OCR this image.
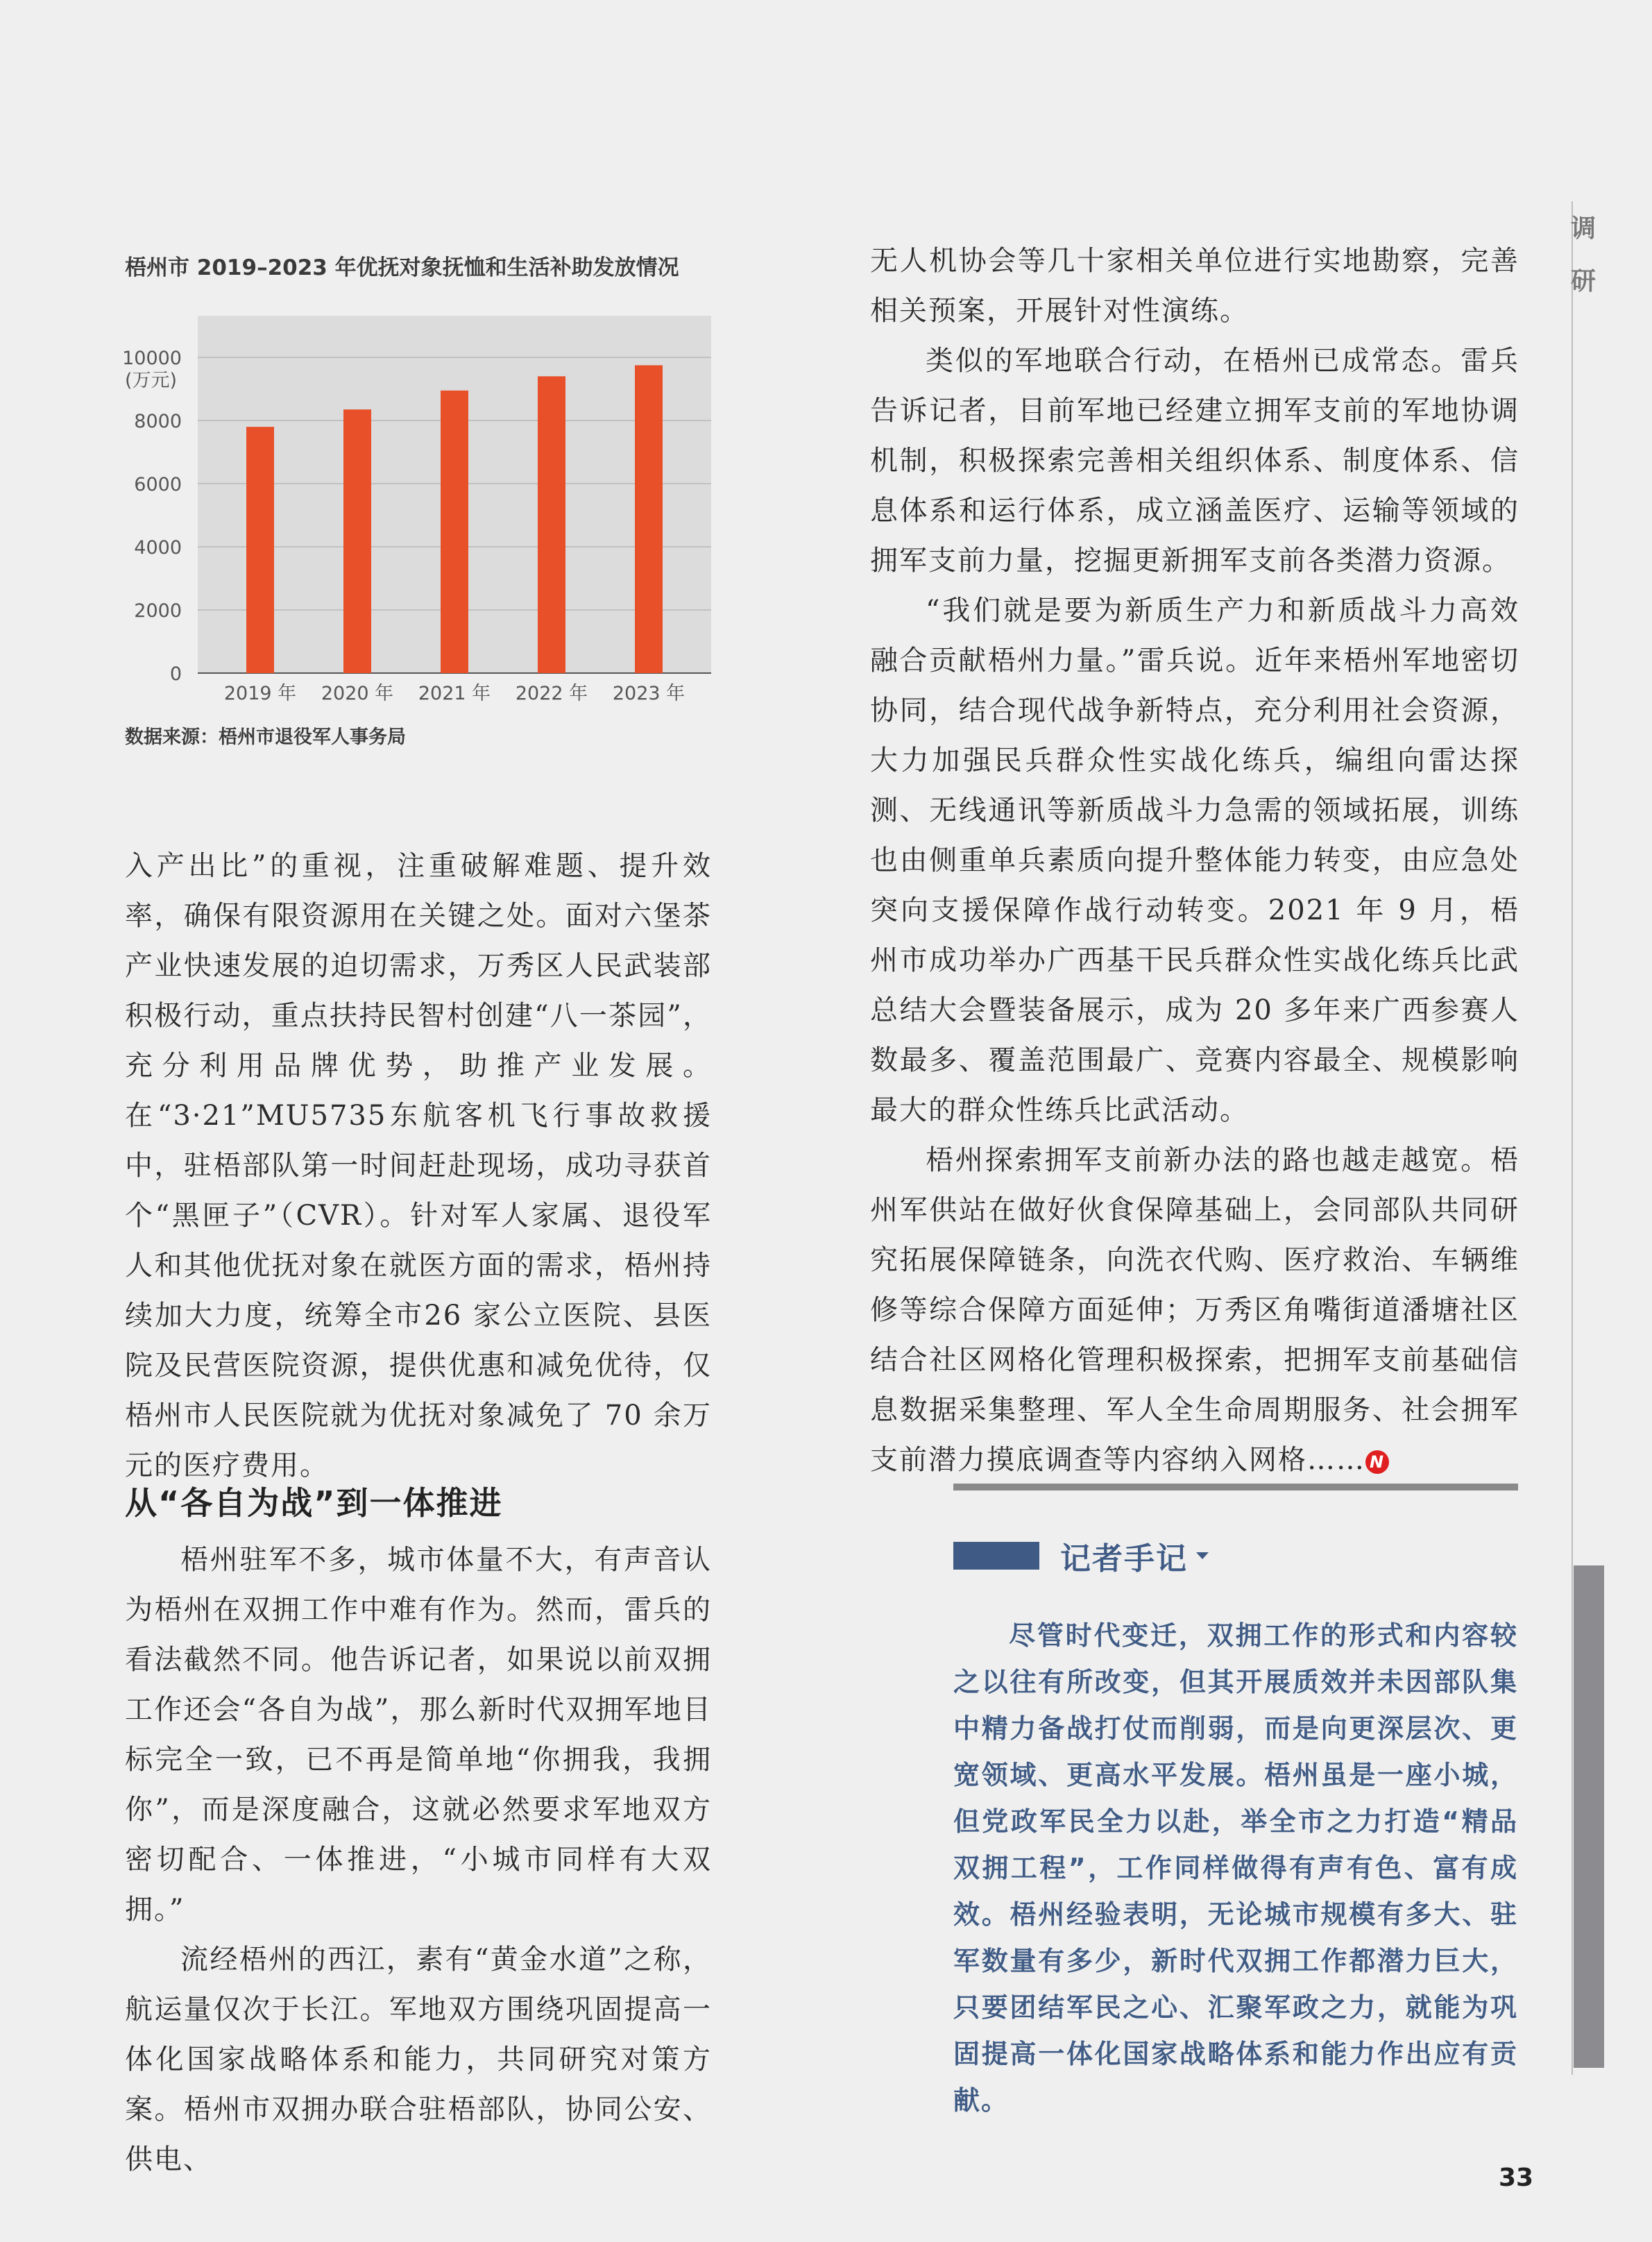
调
研

梧州市 2019–2023 年优抚对象抚恤和生活补助发放情况

0
2000
4000
6000
8000
10000
2019 年 2020 年 2021 年 2022 年 2023 年
(万元)

数据来源：梧州市退役军人事务局

入产出比”的重视，注重破解难题、提升效率，确保有限资源用在关键之处。面对六堡茶产业快速发展的迫切需求，万秀区人民武装部积极行动，重点扶持民智村创建“八一茶园”，充分利用品牌优势，助推产业发展。在“3·21”MU5735东航客机飞行事故救援中，驻梧部队第一时间赶赴现场，成功寻获首个“黑匣子”（CVR）。针对军人家属、退役军人和其他优抚对象在就医方面的需求，梧州持续加大力度，统筹全市26 家公立医院、县医院及民营医院资源，提供优惠和减免优待，仅梧州市人民医院就为优抚对象减免了 70 余万元的医疗费用。

从“各自为战”到一体推进

梧州驻军不多，城市体量不大，有声音认为梧州在双拥工作中难有作为。然而，雷兵的看法截然不同。他告诉记者，如果说以前双拥工作还会“各自为战”，那么新时代双拥军地目标完全一致，已不再是简单地“你拥我，我拥你”，而是深度融合，这就必然要求军地双方密切配合、一体推进，“小城市同样有大双拥。”

流经梧州的西江，素有“黄金水道”之称，航运量仅次于长江。军地双方围绕巩固提高一体化国家战略体系和能力，共同研究对策方案。梧州市双拥办联合驻梧部队，协同公安、供电、

无人机协会等几十家相关单位进行实地勘察，完善相关预案，开展针对性演练。

类似的军地联合行动，在梧州已成常态。雷兵告诉记者，目前军地已经建立拥军支前的军地协调机制，积极探索完善相关组织体系、制度体系、信息体系和运行体系，成立涵盖医疗、运输等领域的拥军支前力量，挖掘更新拥军支前各类潜力资源。

“我们就是要为新质生产力和新质战斗力高效融合贡献梧州力量。”雷兵说。近年来梧州军地密切协同，结合现代战争新特点，充分利用社会资源，大力加强民兵群众性实战化练兵，编组向雷达探测、无线通讯等新质战斗力急需的领域拓展，训练也由侧重单兵素质向提升整体能力转变，由应急处突向支援保障作战行动转变。2021 年 9 月，梧州市成功举办广西基干民兵群众性实战化练兵比武总结大会暨装备展示，成为 20 多年来广西参赛人数最多、覆盖范围最广、竞赛内容最全、规模影响最大的群众性练兵比武活动。

梧州探索拥军支前新办法的路也越走越宽。梧州军供站在做好伙食保障基础上，会同部队共同研究拓展保障链条，向洗衣代购、医疗救治、车辆维修等综合保障方面延伸；万秀区角嘴街道潘塘社区结合社区网格化管理积极探索，把拥军支前基础信息数据采集整理、军人全生命周期服务、社会拥军支前潜力摸底调查等内容纳入网格…… N

记者手记

尽管时代变迁，双拥工作的形式和内容较之以往有所改变，但其开展质效并未因部队集中精力备战打仗而削弱，而是向更深层次、更宽领域、更高水平发展。梧州虽是一座小城，但党政军民全力以赴，举全市之力打造“精品双拥工程”，工作同样做得有声有色、富有成效。梧州经验表明，无论城市规模有多大、驻军数量有多少，新时代双拥工作都潜力巨大，只要团结军民之心、汇聚军政之力，就能为巩固提高一体化国家战略体系和能力作出应有贡献。

33
